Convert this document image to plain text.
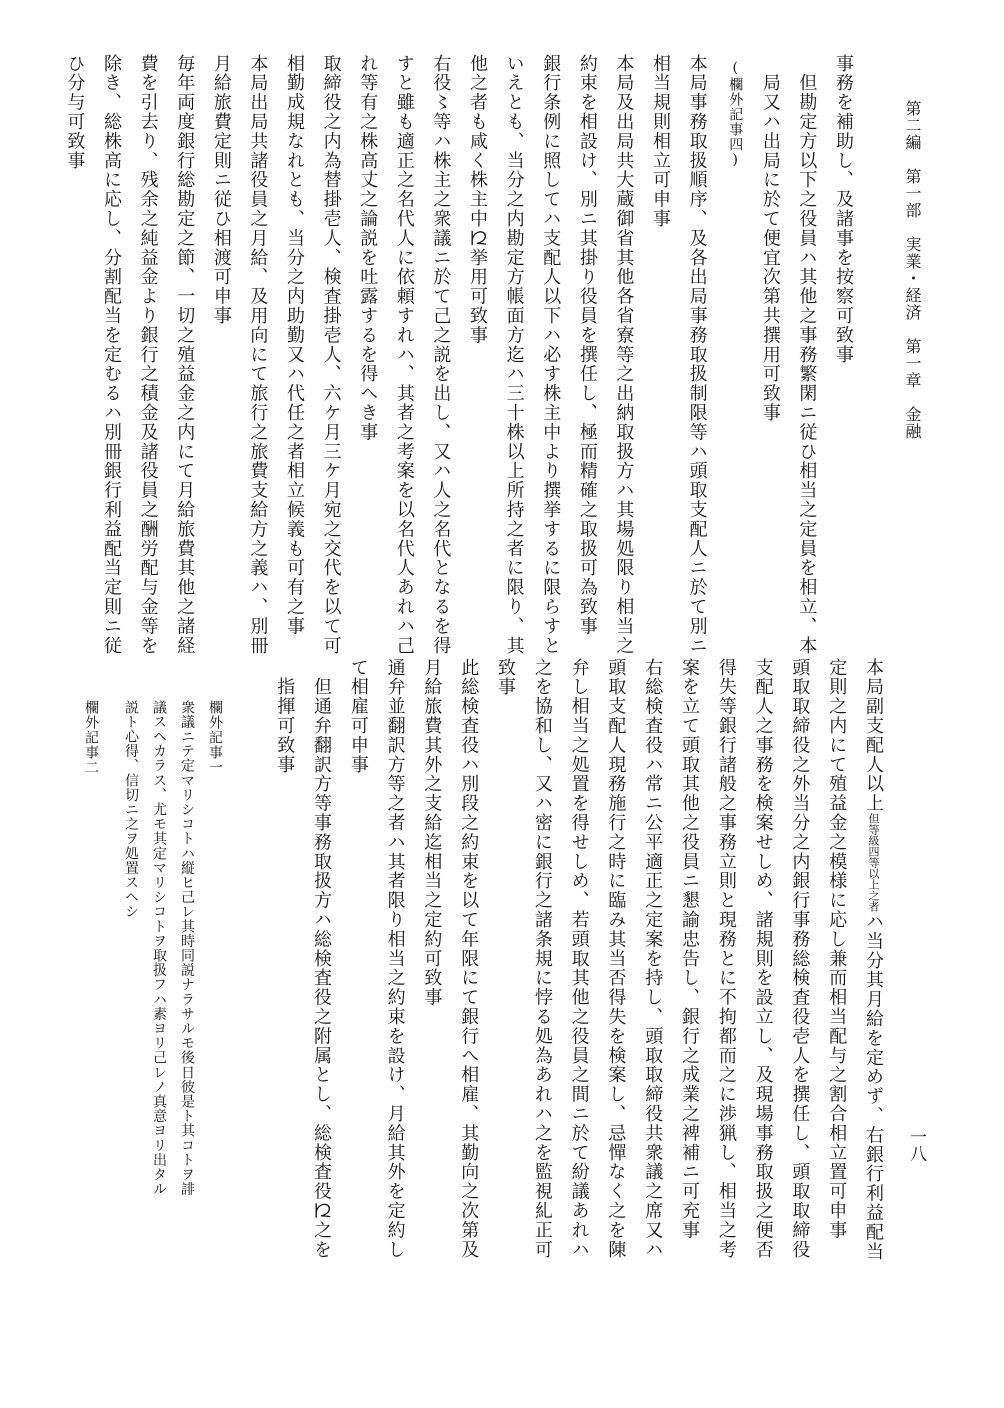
第二編　第一部　実業・経済　第一章　金融
一八
事務を補助し、及諸事を按察可致事
　但勘定方以下之役員ハ其他之事務繁閑ニ従ひ相当之定員を相立、本
　局又ハ出局に於て便宜次第共撰用可致事
(欄外記事四)
本局事務取扱順序、及各出局事務取扱制限等ハ頭取支配人ニ於て別ニ
相当規則相立可申事
本局及出局共大蔵御省其他各省寮等之出納取扱方ハ其場処限り相当之
約束を相設け、別ニ其掛り役員を撰任し、極而精確之取扱可為致事
銀行条例に照してハ支配人以下ハ必す株主中より撰挙するに限らすと
いえとも、当分之内勘定方帳面方迄ハ三十株以上所持之者に限り、其
他之者も咸く株主中𛀁挙用可致事
右役〻等ハ株主之衆議ニ於て己之説を出し、又ハ人之名代となるを得
すと雖も適正之名代人に依頼すれハ、其者之考案を以名代人あれハ己
れ等有之株高丈之論説を吐露するを得へき事
取締役之内為替掛壱人、検査掛壱人、六ケ月三ケ月宛之交代を以て可
相勤成規なれとも、当分之内助勤又ハ代任之者相立候義も可有之事
本局出局共諸役員之月給、及用向にて旅行之旅費支給方之義ハ、別冊
月給旅費定則ニ従ひ相渡可申事
毎年両度銀行総勘定之節、一切之殖益金之内にて月給旅費其他之諸経
費を引去り、残余之純益金より銀行之積金及諸役員之酬労配与金等を
除き、総株高に応し、分割配当を定むるハ別冊銀行利益配当定則ニ従
ひ分与可致事
本局副支配人以上
但等級四等
以上之者
ハ当分其月給を定めず、右銀行利益配当
定則之内にて殖益金之模様に応し兼而相当配与之割合相立置可申事
頭取取締役之外当分之内銀行事務総検査役壱人を撰任し、頭取取締役
支配人之事務を検案せしめ、諸規則を設立し、及現場事務取扱之便否
得失等銀行諸般之事務立則と現務とに不拘都而之に渉猟し、相当之考
案を立て頭取其他之役員ニ懇諭忠告し、銀行之成業之裨補ニ可充事
右総検査役ハ常ニ公平適正之定案を持し、頭取取締役共衆議之席又ハ
頭取支配人現務施行之時に臨み其当否得失を検案し、忌憚なく之を陳
弁し相当之処置を得せしめ、若頭取其他之役員之間ニ於て紛議あれハ
之を協和し、又ハ密に銀行之諸条規に悖る処為あれハ之を監視糺正可
致事
此総検査役ハ別段之約束を以て年限にて銀行へ相雇、其勤向之次第及
月給旅費其外之支給迄相当之定約可致事
通弁並翻訳方等之者ハ其者限り相当之約束を設け、月給其外を定約し
て相雇可申事
　但通弁翻訳方等事務取扱方ハ総検査役之附属とし、総検査役𛀁之を
　指揮可致事
欄外記事一
衆議ニテ定マリシコトハ縦ヒ己レ其時同説ナラサルモ後日彼是ト其コトヲ誹
議スヘカラス、尤モ其定マリシコトヲ取扱フハ素ヨリ己レノ真意ヨリ出タル
説ト心得、信切ニ之ヲ処置スヘシ
欄外記事二
